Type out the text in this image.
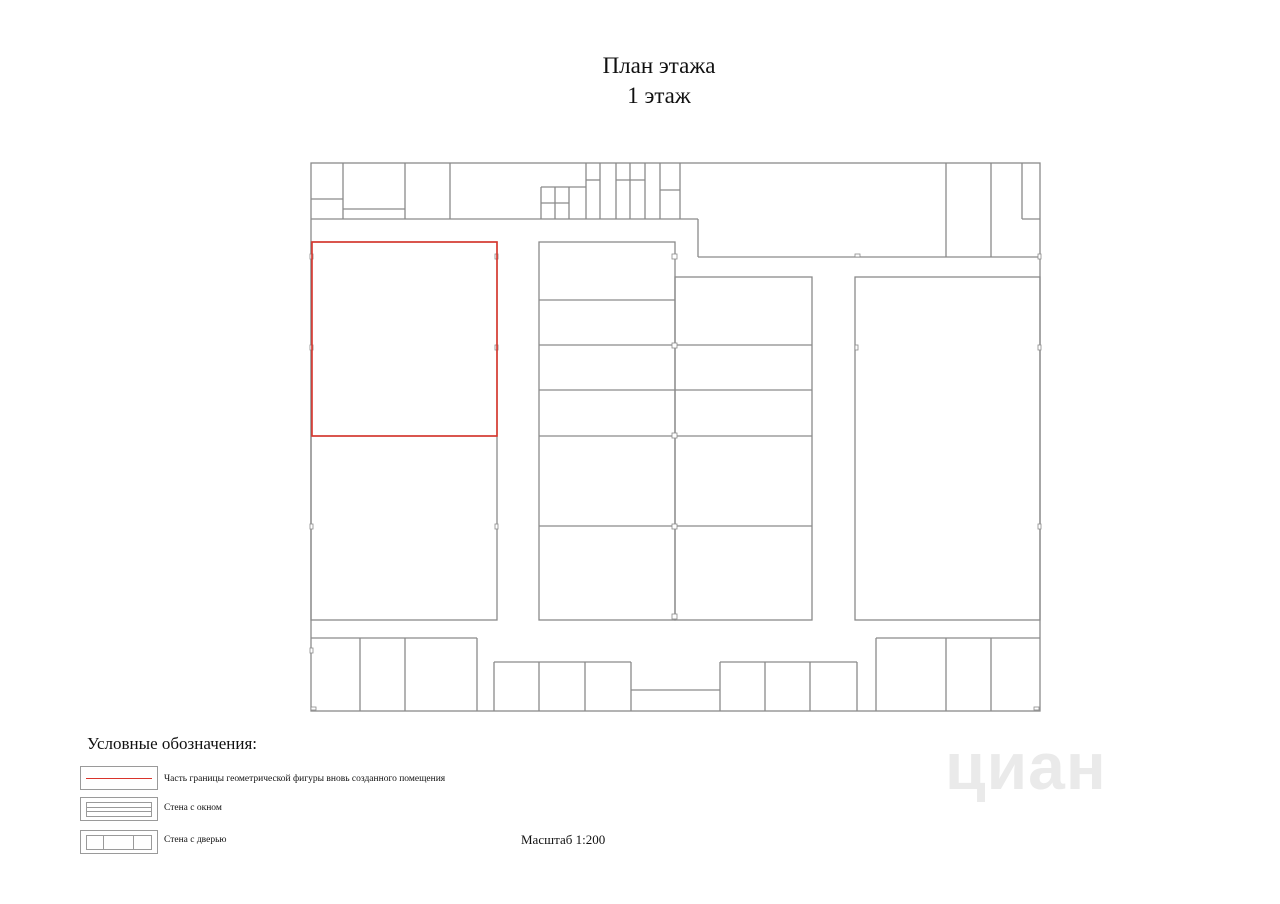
План этажа
1 этаж
Условные обозначения:
Часть границы геометрической фигуры вновь созданного помещения
Стена с окном
Стена с дверью	Масштаб 1:200
циан
